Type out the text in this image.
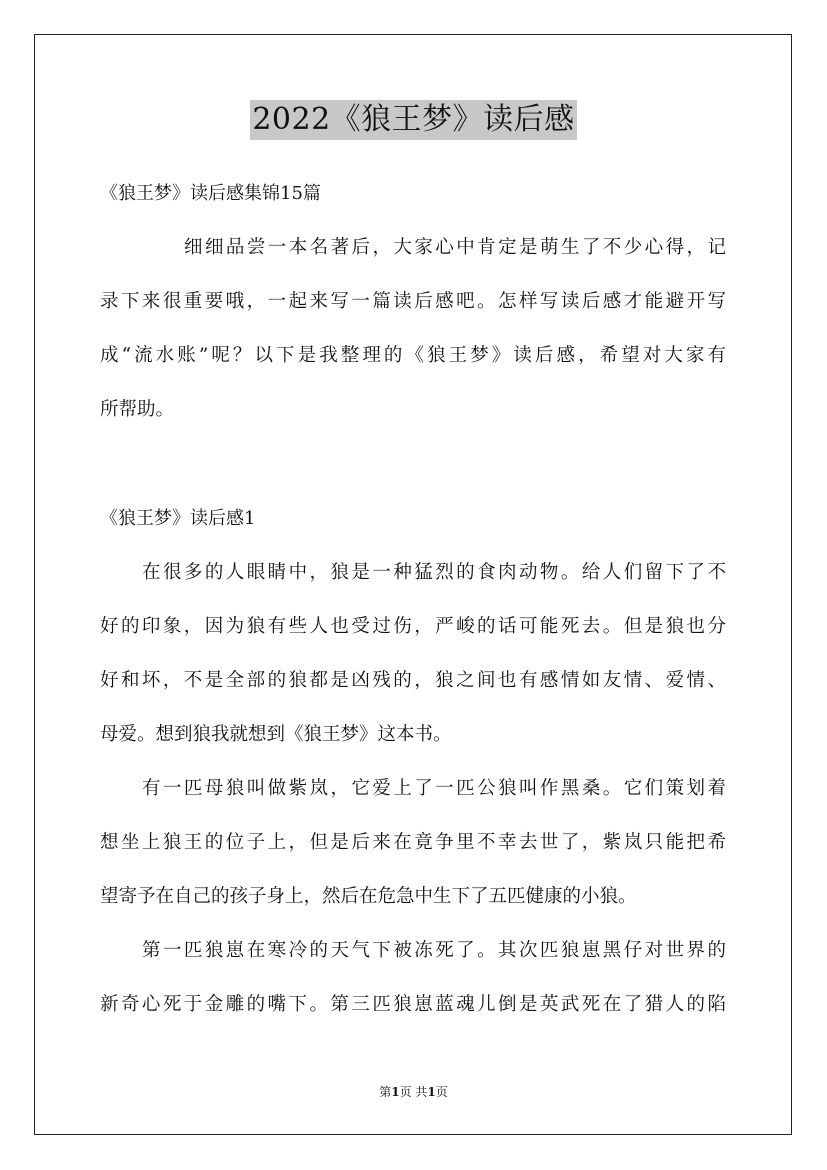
2022《狼王梦》读后感
《狼王梦》读后感集锦15篇
细细品尝一本名著后，大家心中肯定是萌生了不少心得，记
录下来很重要哦，一起来写一篇读后感吧。怎样写读后感才能避开写
成“流水账”呢？以下是我整理的《狼王梦》读后感，希望对大家有
所帮助。
《狼王梦》读后感1
在很多的人眼睛中，狼是一种猛烈的食肉动物。给人们留下了不
好的印象，因为狼有些人也受过伤，严峻的话可能死去。但是狼也分
好和坏，不是全部的狼都是凶残的，狼之间也有感情如友情、爱情、
母爱。想到狼我就想到《狼王梦》这本书。
有一匹母狼叫做紫岚，它爱上了一匹公狼叫作黑桑。它们策划着
想坐上狼王的位子上，但是后来在竟争里不幸去世了，紫岚只能把希
望寄予在自己的孩子身上，然后在危急中生下了五匹健康的小狼。
第一匹狼崽在寒冷的天气下被冻死了。其次匹狼崽黑仔对世界的
新奇心死于金雕的嘴下。第三匹狼崽蓝魂儿倒是英武死在了猎人的陷
第1页 共1页
